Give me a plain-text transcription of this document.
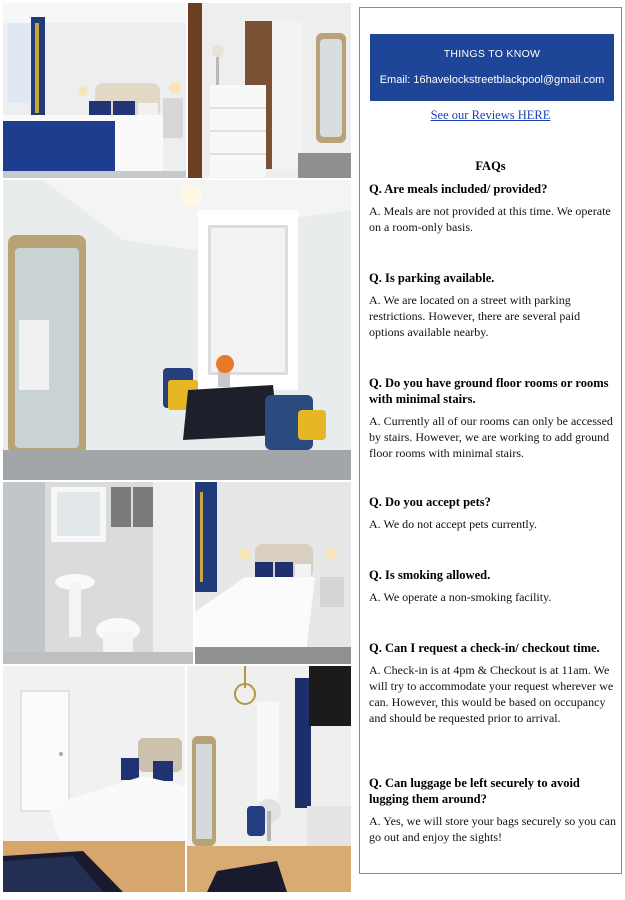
THINGS TO KNOW
Email: 16havelockstreetblackpool@gmail.com
See our Reviews HERE
FAQs
Q. Are meals included/ provided?
A. Meals are not provided at this time. We operate on a room-only basis.
Q. Is parking available.
A. We are located on a street with parking restrictions. However, there are several paid options available nearby.
Q. Do you have ground floor rooms or rooms with minimal stairs.
A. Currently all of our rooms can only be accessed by stairs. However, we are working to add ground floor rooms with minimal stairs.
Q. Do you accept pets?
A. We do not accept pets currently.
Q. Is smoking allowed.
A. We operate a non-smoking facility.
Q. Can I request a check-in/ checkout time.
A. Check-in is at 4pm & Checkout is at 11am. We will try to accommodate your request wherever we can. However, this would be based on occupancy and should be requested prior to arrival.
Q. Can luggage be left securely to avoid lugging them around?
A. Yes, we will store your bags securely so you can go out and enjoy the sights!
